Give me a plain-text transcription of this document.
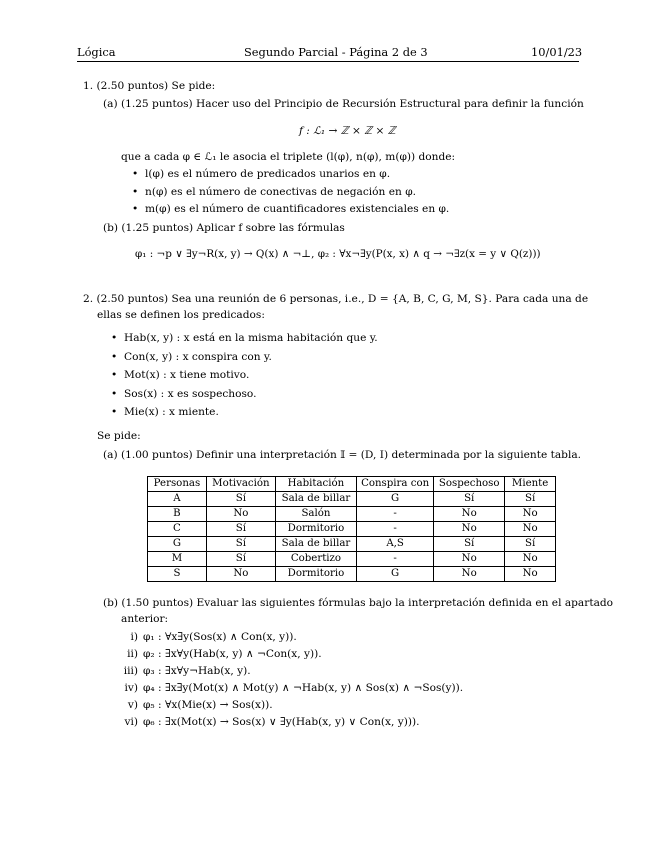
Lógica	Segundo Parcial - Página 2 de 3	10/01/23
1. (2.50 puntos) Se pide:
(a) (1.25 puntos) Hacer uso del Principio de Recursión Estructural para definir la función
f : ℒ₁ → ℤ × ℤ × ℤ
que a cada φ ∈ ℒ₁ le asocia el triplete (l(φ), n(φ), m(φ)) donde:
• l(φ) es el número de predicados unarios en φ.
• n(φ) es el número de conectivas de negación en φ.
• m(φ) es el número de cuantificadores existenciales en φ.
(b) (1.25 puntos) Aplicar f sobre las fórmulas
φ₁ : ¬p ∨ ∃y¬R(x, y) → Q(x) ∧ ¬⊥, φ₂ : ∀x¬∃y(P(x, x) ∧ q → ¬∃z(x = y ∨ Q(z)))
2. (2.50 puntos) Sea una reunión de 6 personas, i.e., D = {A, B, C, G, M, S}. Para cada una de
ellas se definen los predicados:
• Hab(x, y) : x está en la misma habitación que y.
• Con(x, y) : x conspira con y.
• Mot(x) : x tiene motivo.
• Sos(x) : x es sospechoso.
• Mie(x) : x miente.
Se pide:
(a) (1.00 puntos) Definir una interpretación 𝕀 = (D, I) determinada por la siguiente tabla.
Personas	Motivación	Habitación	Conspira con	Sospechoso	Miente
A	Sí	Sala de billar	G	Sí	Sí
B	No	Salón	-	No	No
C	Sí	Dormitorio	-	No	No
G	Sí	Sala de billar	A,S	Sí	Sí
M	Sí	Cobertizo	-	No	No
S	No	Dormitorio	G	No	No
(b) (1.50 puntos) Evaluar las siguientes fórmulas bajo la interpretación definida en el apartado
anterior:
i) φ₁ : ∀x∃y(Sos(x) ∧ Con(x, y)).
ii) φ₂ : ∃x∀y(Hab(x, y) ∧ ¬Con(x, y)).
iii) φ₃ : ∃x∀y¬Hab(x, y).
iv) φ₄ : ∃x∃y(Mot(x) ∧ Mot(y) ∧ ¬Hab(x, y) ∧ Sos(x) ∧ ¬Sos(y)).
v) φ₅ : ∀x(Mie(x) → Sos(x)).
vi) φ₆ : ∃x(Mot(x) → Sos(x) ∨ ∃y(Hab(x, y) ∨ Con(x, y))).
